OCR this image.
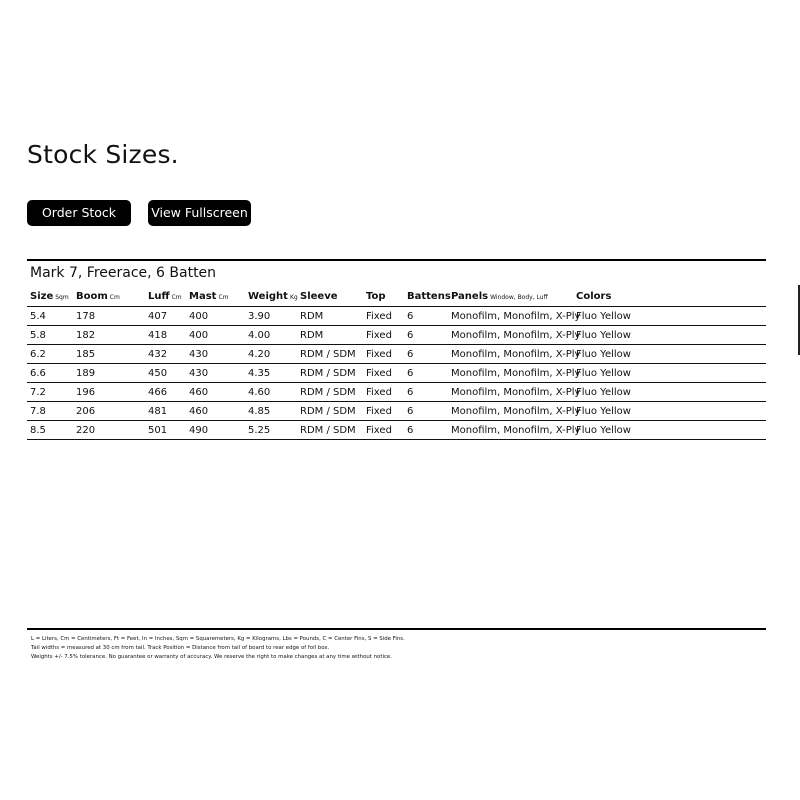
Stock Sizes.
Order Stock	View Fullscreen
Mark 7, Freerace, 6 Batten
Size Sqm	Boom Cm	Luff Cm	Mast Cm	Weight Kg	Sleeve	Top	Battens	Panels Window, Body, Luff	Colors
5.4	178	407	400	3.90	RDM	Fixed	6	Monofilm, Monofilm, X-Ply	Fluo Yellow
5.8	182	418	400	4.00	RDM	Fixed	6	Monofilm, Monofilm, X-Ply	Fluo Yellow
6.2	185	432	430	4.20	RDM / SDM	Fixed	6	Monofilm, Monofilm, X-Ply	Fluo Yellow
6.6	189	450	430	4.35	RDM / SDM	Fixed	6	Monofilm, Monofilm, X-Ply	Fluo Yellow
7.2	196	466	460	4.60	RDM / SDM	Fixed	6	Monofilm, Monofilm, X-Ply	Fluo Yellow
7.8	206	481	460	4.85	RDM / SDM	Fixed	6	Monofilm, Monofilm, X-Ply	Fluo Yellow
8.5	220	501	490	5.25	RDM / SDM	Fixed	6	Monofilm, Monofilm, X-Ply	Fluo Yellow
L = Liters, Cm = Centimeters, Ft = Feet, In = Inches, Sqm = Squaremeters, Kg = Kilograms, Lbs = Pounds, C = Center Fins, S = Side Fins.
Tail widths = measured at 30 cm from tail. Track Position = Distance from tail of board to rear edge of foil box.
Weights +/- 7.5% tolerance. No guarantee or warranty of accuracy. We reserve the right to make changes at any time without notice.
